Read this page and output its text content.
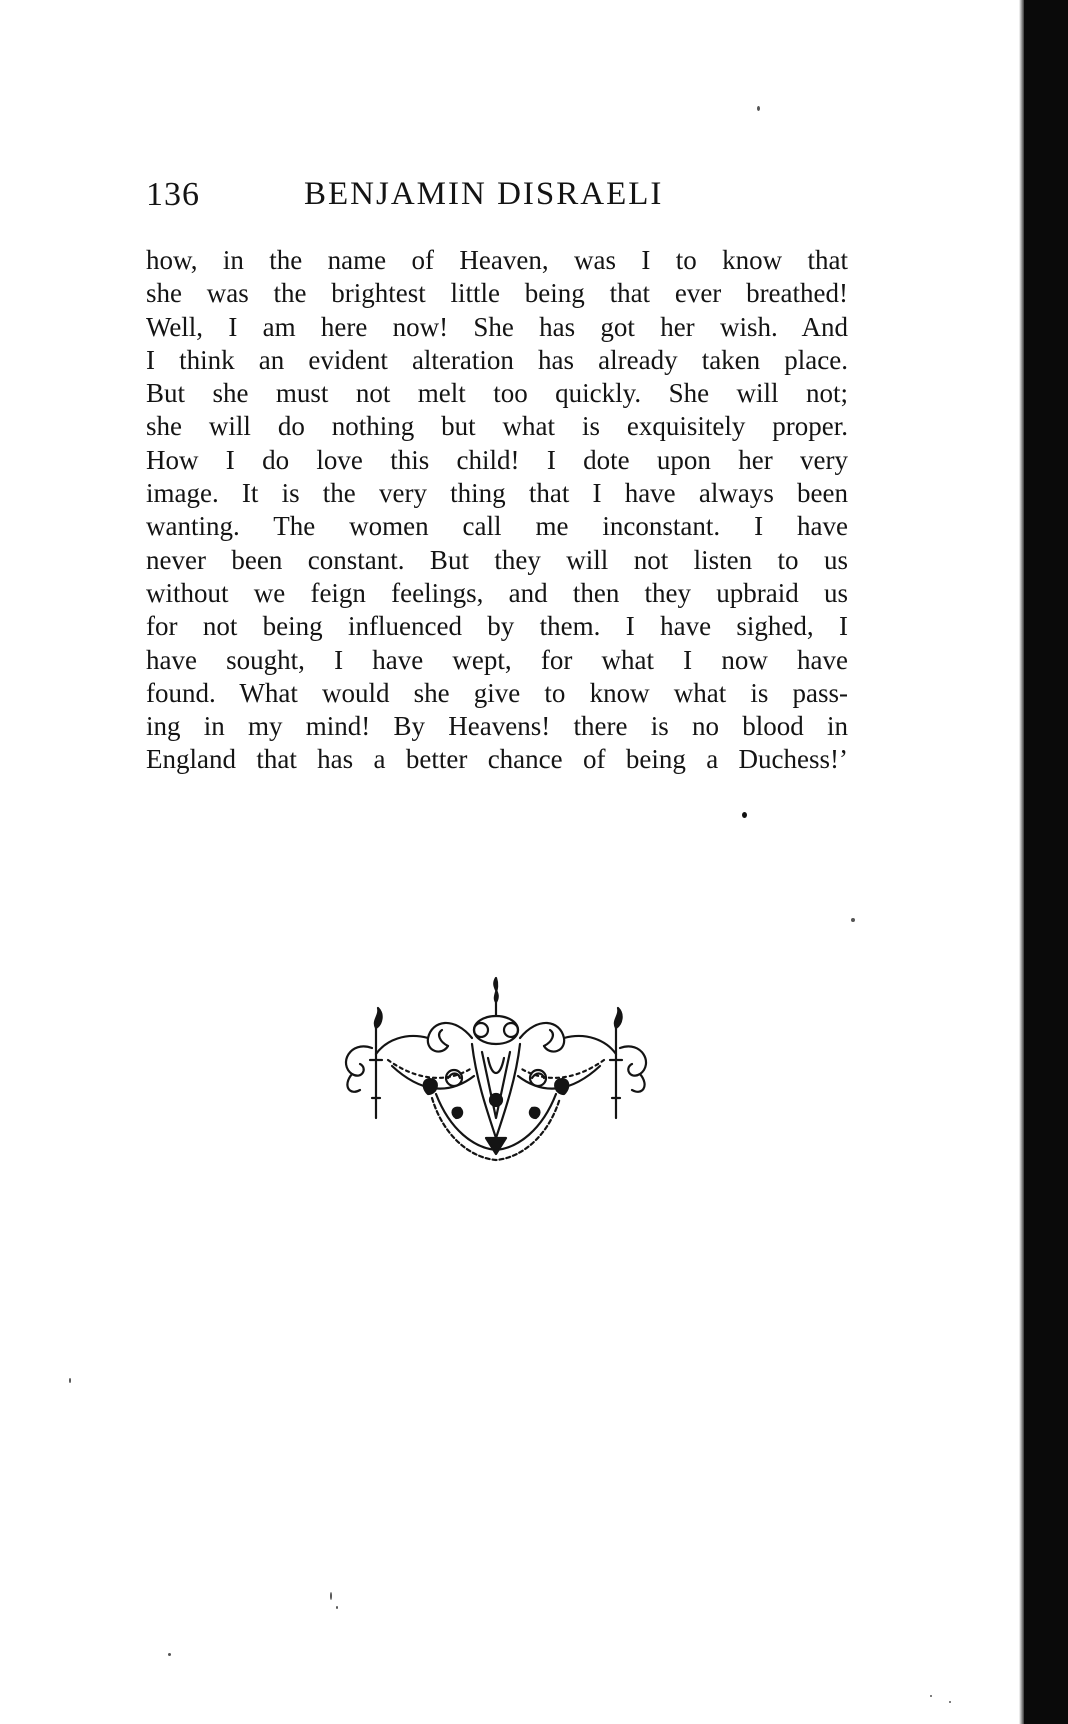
136	BENJAMIN DISRAELI
how, in the name of Heaven, was I to know that
she was the brightest little being that ever breathed!
Well, I am here now! She has got her wish. And
I think an evident alteration has already taken place.
But she must not melt too quickly. She will not;
she will do nothing but what is exquisitely proper.
How I do love this child! I dote upon her very
image. It is the very thing that I have always been
wanting. The women call me inconstant. I have
never been constant. But they will not listen to us
without we feign feelings, and then they upbraid us
for not being influenced by them. I have sighed, I
have sought, I have wept, for what I now have
found. What would she give to know what is pass-
ing in my mind! By Heavens! there is no blood in
England that has a better chance of being a Duchess!’
